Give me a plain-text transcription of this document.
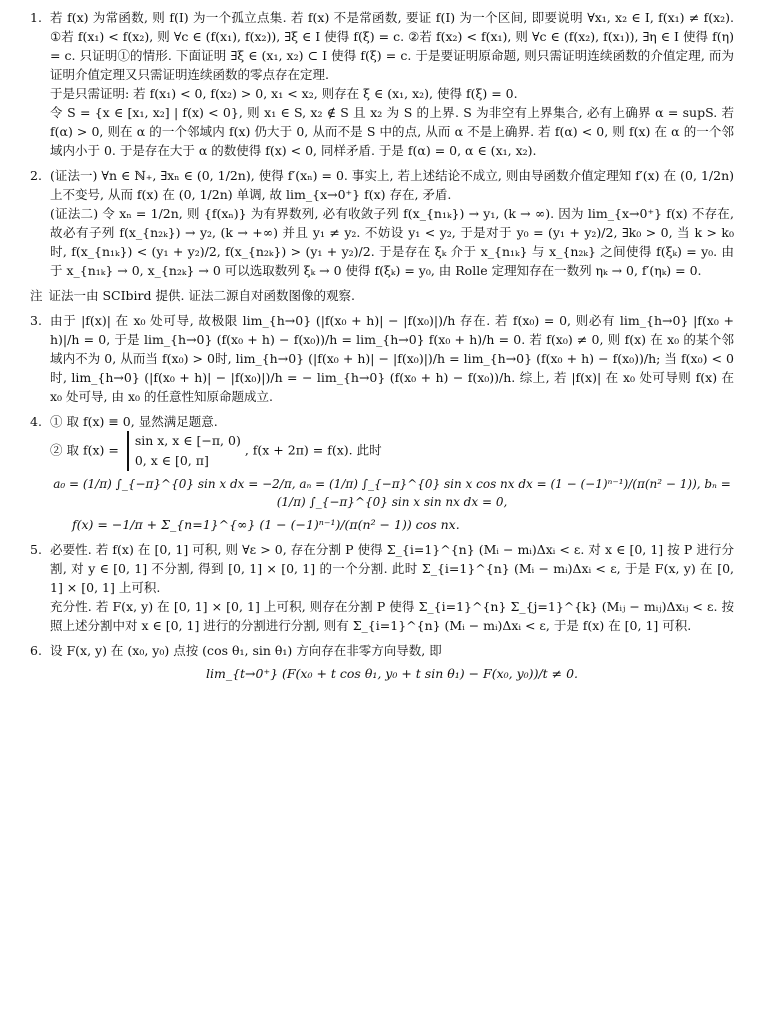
1. 若 f(x) 为常函数, 则 f(I) 为一个孤立点集. 若 f(x) 不是常函数, 要证 f(I) 为一个区间, 即要说明 ∀x₁, x₂ ∈ I, f(x₁) ≠ f(x₂). ①若 f(x₁) < f(x₂), 则 ∀c ∈ (f(x₁), f(x₂)), ∃ξ ∈ I 使得 f(ξ) = c. ②若 f(x₂) < f(x₁), 则 ∀c ∈ (f(x₂), f(x₁)), ∃η ∈ I 使得 f(η) = c. 只证明①的情形. 下面证明 ∃ξ ∈ (x₁, x₂) ⊂ I 使得 f(ξ) = c. 于是要证明原命题, 则只需证明连续函数的介值定理, 而为证明介值定理又只需证明连续函数的零点存在定理.

于是只需证明: 若 f(x₁) < 0, f(x₂) > 0, x₁ < x₂, 则存在 ξ ∈ (x₁, x₂), 使得 f(ξ) = 0.

令 S = {x ∈ [x₁, x₂] | f(x) < 0}, 则 x₁ ∈ S, x₂ ∉ S 且 x₂ 为 S 的上界. S 为非空有上界集合, 必有上确界 α = supS. 若 f(α) > 0, 则在 α 的一个邻域内 f(x) 仍大于 0, 从而不是 S 中的点, 从而 α 不是上确界. 若 f(α) < 0, 则 f(x) 在 α 的一个邻域内小于 0. 于是存在大于 α 的数使得 f(x) < 0, 同样矛盾. 于是 f(α) = 0, α ∈ (x₁, x₂).

2. (证法一) ∀n ∈ ℕ₊, ∃xₙ ∈ (0, 1/2n), 使得 f′(xₙ) = 0. 事实上, 若上述结论不成立, 则由导函数介值定理知 f′(x) 在 (0, 1/2n) 上不变号, 从而 f(x) 在 (0, 1/2n) 单调, 故 lim_{x→0⁺} f(x) 存在, 矛盾.

(证法二) 令 xₙ = 1/2n, 则 {f(xₙ)} 为有界数列, 必有收敛子列 f(x_{n₁ₖ}) → y₁, (k → ∞). 因为 lim_{x→0⁺} f(x) 不存在, 故必有子列 f(x_{n₂ₖ}) → y₂, (k → +∞) 并且 y₁ ≠ y₂. 不妨设 y₁ < y₂, 于是对于 y₀ = (y₁ + y₂)/2, ∃k₀ > 0, 当 k > k₀ 时, f(x_{n₁ₖ}) < (y₁ + y₂)/2, f(x_{n₂ₖ}) > (y₁ + y₂)/2. 于是存在 ξₖ 介于 x_{n₁ₖ} 与 x_{n₂ₖ} 之间使得 f(ξₖ) = y₀. 由于 x_{n₁ₖ} → 0, x_{n₂ₖ} → 0 可以选取数列 ξₖ → 0 使得 f(ξₖ) = y₀, 由 Rolle 定理知存在一数列 ηₖ → 0, f′(ηₖ) = 0.

注 证法一由 SCIbird 提供. 证法二源自对函数图像的观察.
3. 由于 |f(x)| 在 x₀ 处可导, 故极限 lim_{h→0} (|f(x₀ + h)| − |f(x₀)|)/h 存在. 若 f(x₀) = 0, 则必有 lim_{h→0} |f(x₀ + h)|/h = 0, 于是 lim_{h→0} (f(x₀ + h) − f(x₀))/h = lim_{h→0} f(x₀ + h)/h = 0. 若 f(x₀) ≠ 0, 则 f(x) 在 x₀ 的某个邻域内不为 0, 从而当 f(x₀) > 0时, lim_{h→0} (|f(x₀ + h)| − |f(x₀)|)/h = lim_{h→0} (f(x₀ + h) − f(x₀))/h; 当 f(x₀) < 0 时, lim_{h→0} (|f(x₀ + h)| − |f(x₀)|)/h = − lim_{h→0} (f(x₀ + h) − f(x₀))/h. 综上, 若 |f(x)| 在 x₀ 处可导则 f(x) 在 x₀ 处可导, 由 x₀ 的任意性知原命题成立.

4. ① 取 f(x) ≡ 0, 显然满足题意.

② 取 f(x) =
sin x, x ∈ [−π, 0)
0, x ∈ [0, π]
, f(x + 2π) = f(x). 此时

a₀ = (1/π) ∫_{−π}^{0} sin x dx = −2/π, aₙ = (1/π) ∫_{−π}^{0} sin x cos nx dx = (1 − (−1)ⁿ⁻¹)/(π(n² − 1)), bₙ = (1/π) ∫_{−π}^{0} sin x sin nx dx = 0,
f(x) = −1/π + Σ_{n=1}^{∞} (1 − (−1)ⁿ⁻¹)/(π(n² − 1)) cos nx.
5. 必要性. 若 f(x) 在 [0, 1] 可积, 则 ∀ε > 0, 存在分割 P 使得 Σ_{i=1}^{n} (Mᵢ − mᵢ)Δxᵢ < ε. 对 x ∈ [0, 1] 按 P 进行分割, 对 y ∈ [0, 1] 不分割, 得到 [0, 1] × [0, 1] 的一个分割. 此时 Σ_{i=1}^{n} (Mᵢ − mᵢ)Δxᵢ < ε, 于是 F(x, y) 在 [0, 1] × [0, 1] 上可积.

充分性. 若 F(x, y) 在 [0, 1] × [0, 1] 上可积, 则存在分割 P 使得 Σ_{i=1}^{n} Σ_{j=1}^{k} (Mᵢⱼ − mᵢⱼ)Δxᵢⱼ < ε. 按照上述分割中对 x ∈ [0, 1] 进行的分割进行分割, 则有 Σ_{i=1}^{n} (Mᵢ − mᵢ)Δxᵢ < ε, 于是 f(x) 在 [0, 1] 可积.

6. 设 F(x, y) 在 (x₀, y₀) 点按 (cos θ₁, sin θ₁) 方向存在非零方向导数, 即

lim_{t→0⁺} (F(x₀ + t cos θ₁, y₀ + t sin θ₁) − F(x₀, y₀))/t ≠ 0.
